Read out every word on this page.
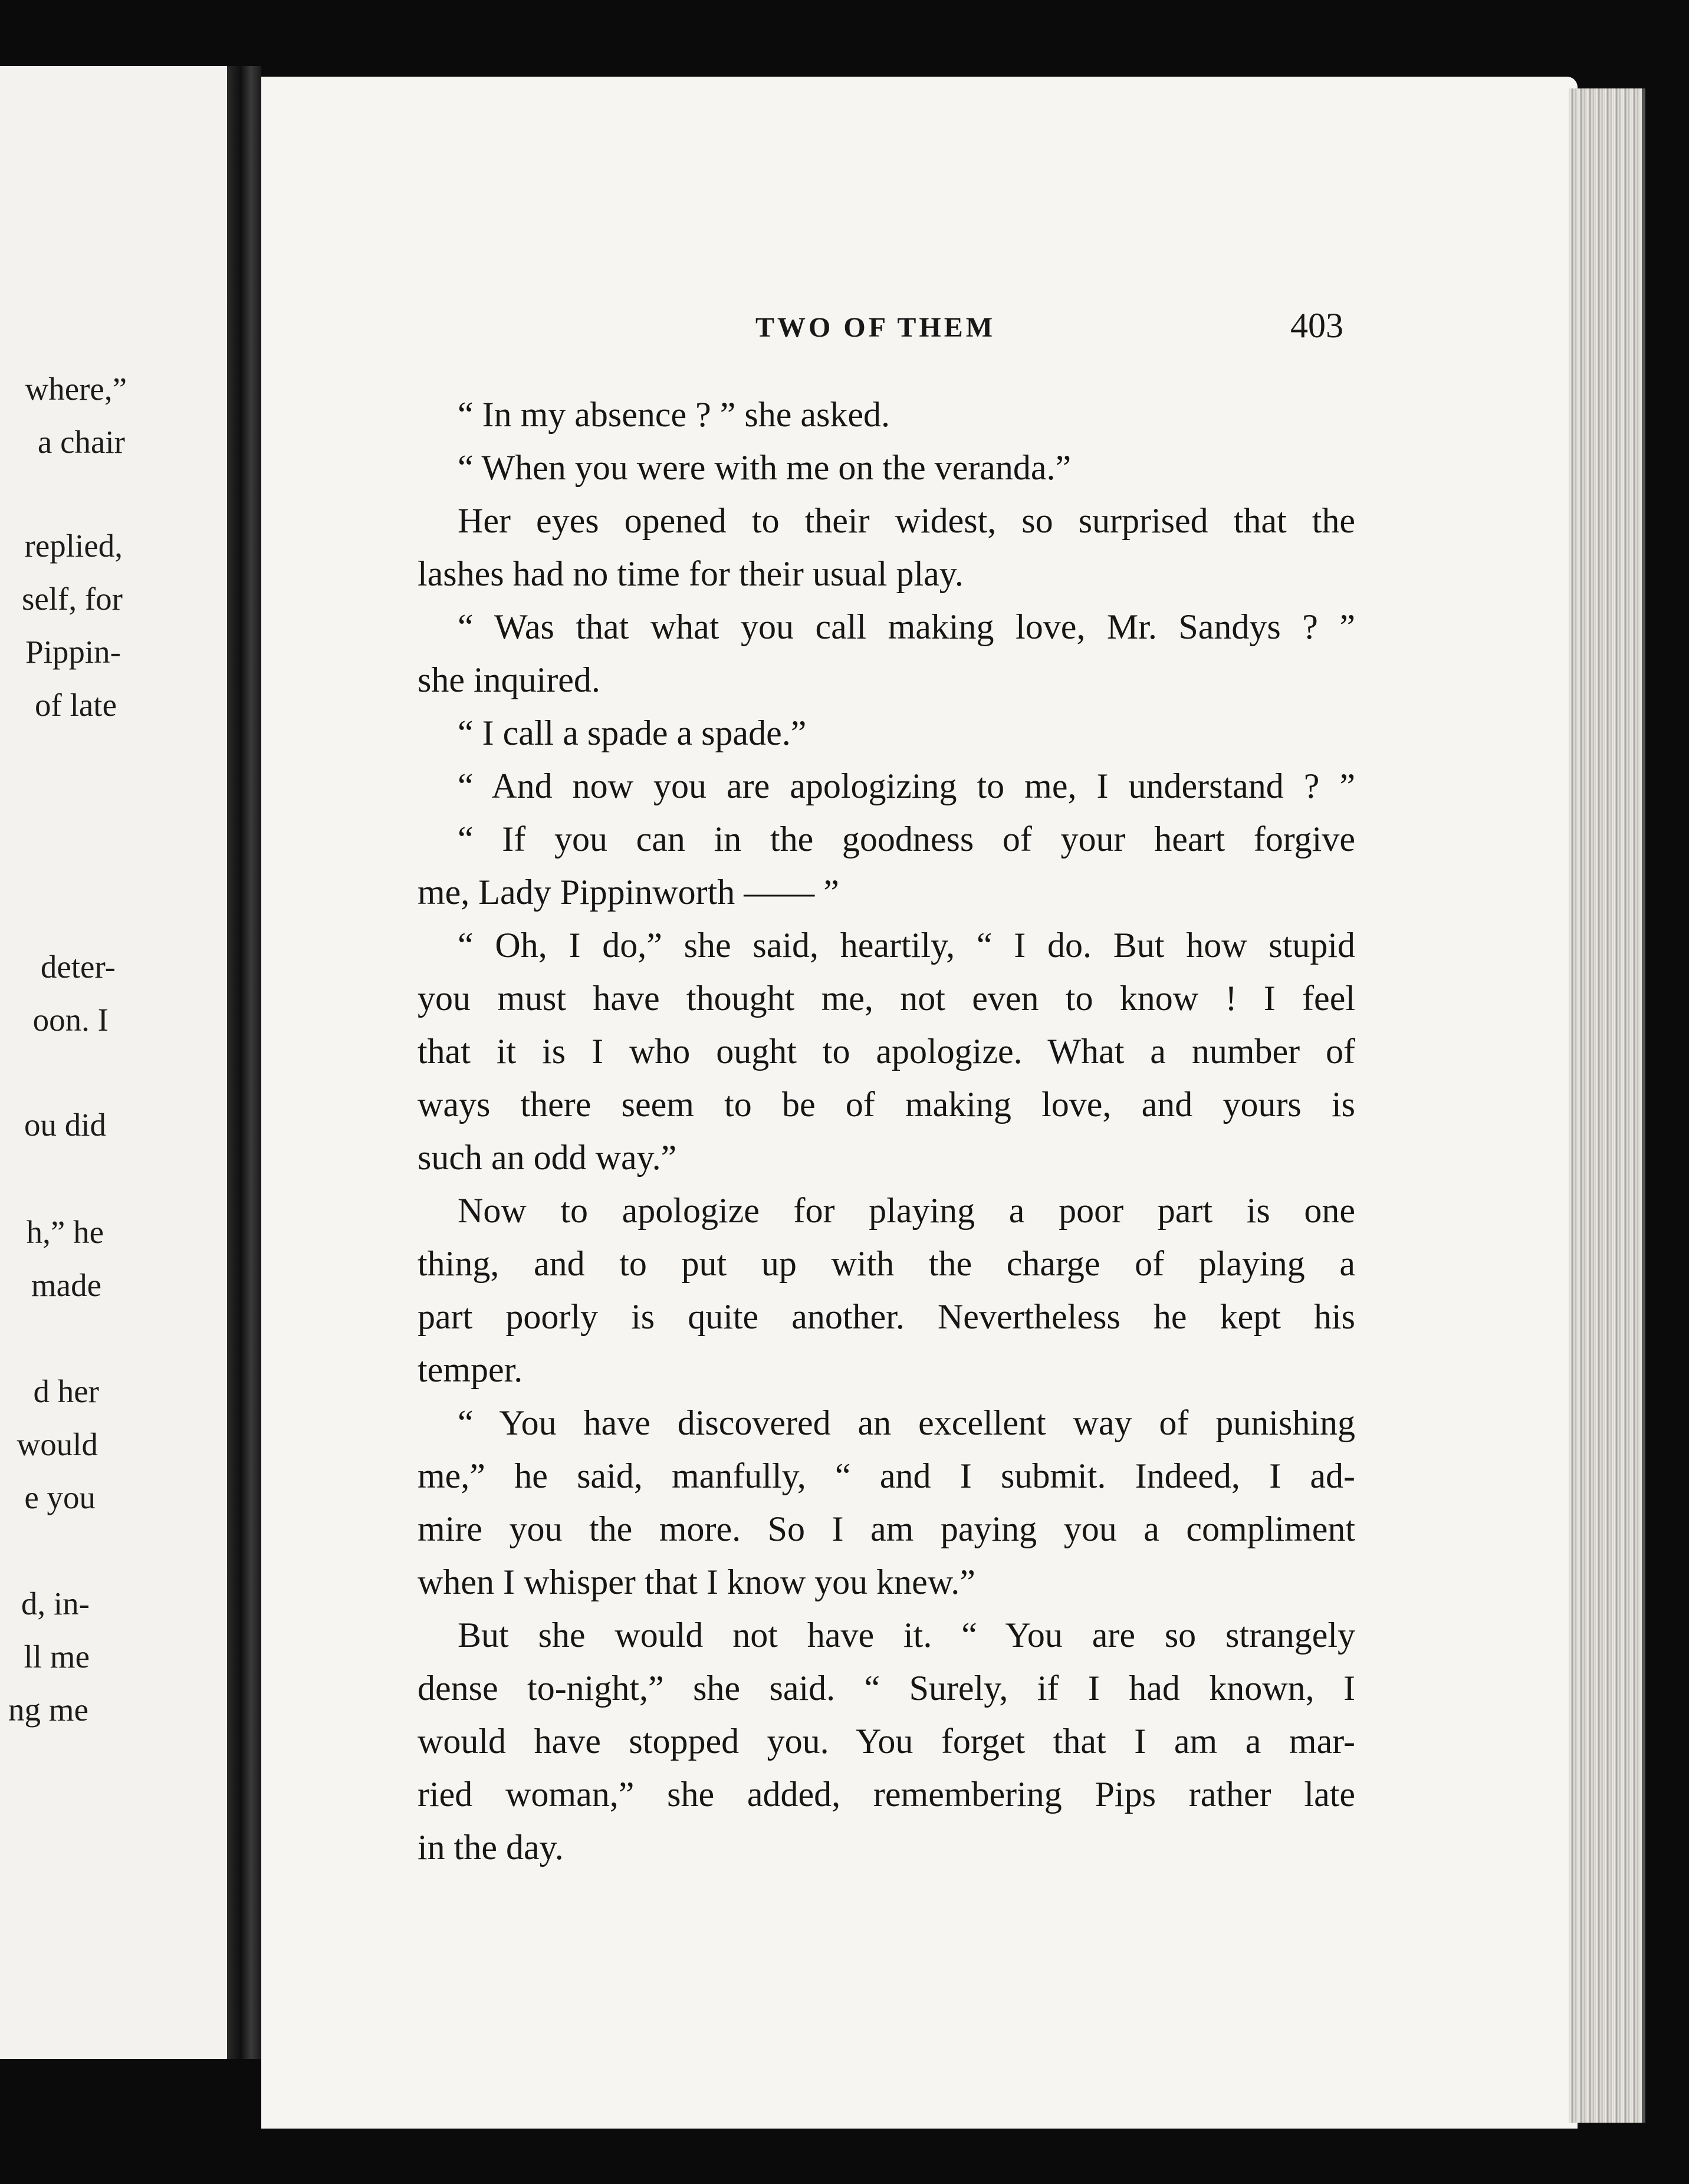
where,”
a chair
replied,
self, for
Pippin-
of late
deter-
oon. I
ou did
h,” he
made
d her
would
e you
d, in-
ll me
ng me
TWO OF THEM	403
“ In my absence ? ” she asked.
“ When you were with me on the veranda.”
Her eyes opened to their widest, so surprised that the
lashes had no time for their usual play.
“ Was that what you call making love, Mr. Sandys ? ”
she inquired.
“ I call a spade a spade.”
“ And now you are apologizing to me, I understand ? ”
“ If you can in the goodness of your heart forgive
me, Lady Pippinworth —— ”
“ Oh, I do,” she said, heartily, “ I do. But how stupid
you must have thought me, not even to know ! I feel
that it is I who ought to apologize. What a number of
ways there seem to be of making love, and yours is
such an odd way.”
Now to apologize for playing a poor part is one
thing, and to put up with the charge of playing a
part poorly is quite another. Nevertheless he kept his
temper.
“ You have discovered an excellent way of punishing
me,” he said, manfully, “ and I submit. Indeed, I ad-
mire you the more. So I am paying you a compliment
when I whisper that I know you knew.”
But she would not have it. “ You are so strangely
dense to-night,” she said. “ Surely, if I had known, I
would have stopped you. You forget that I am a mar-
ried woman,” she added, remembering Pips rather late
in the day.
